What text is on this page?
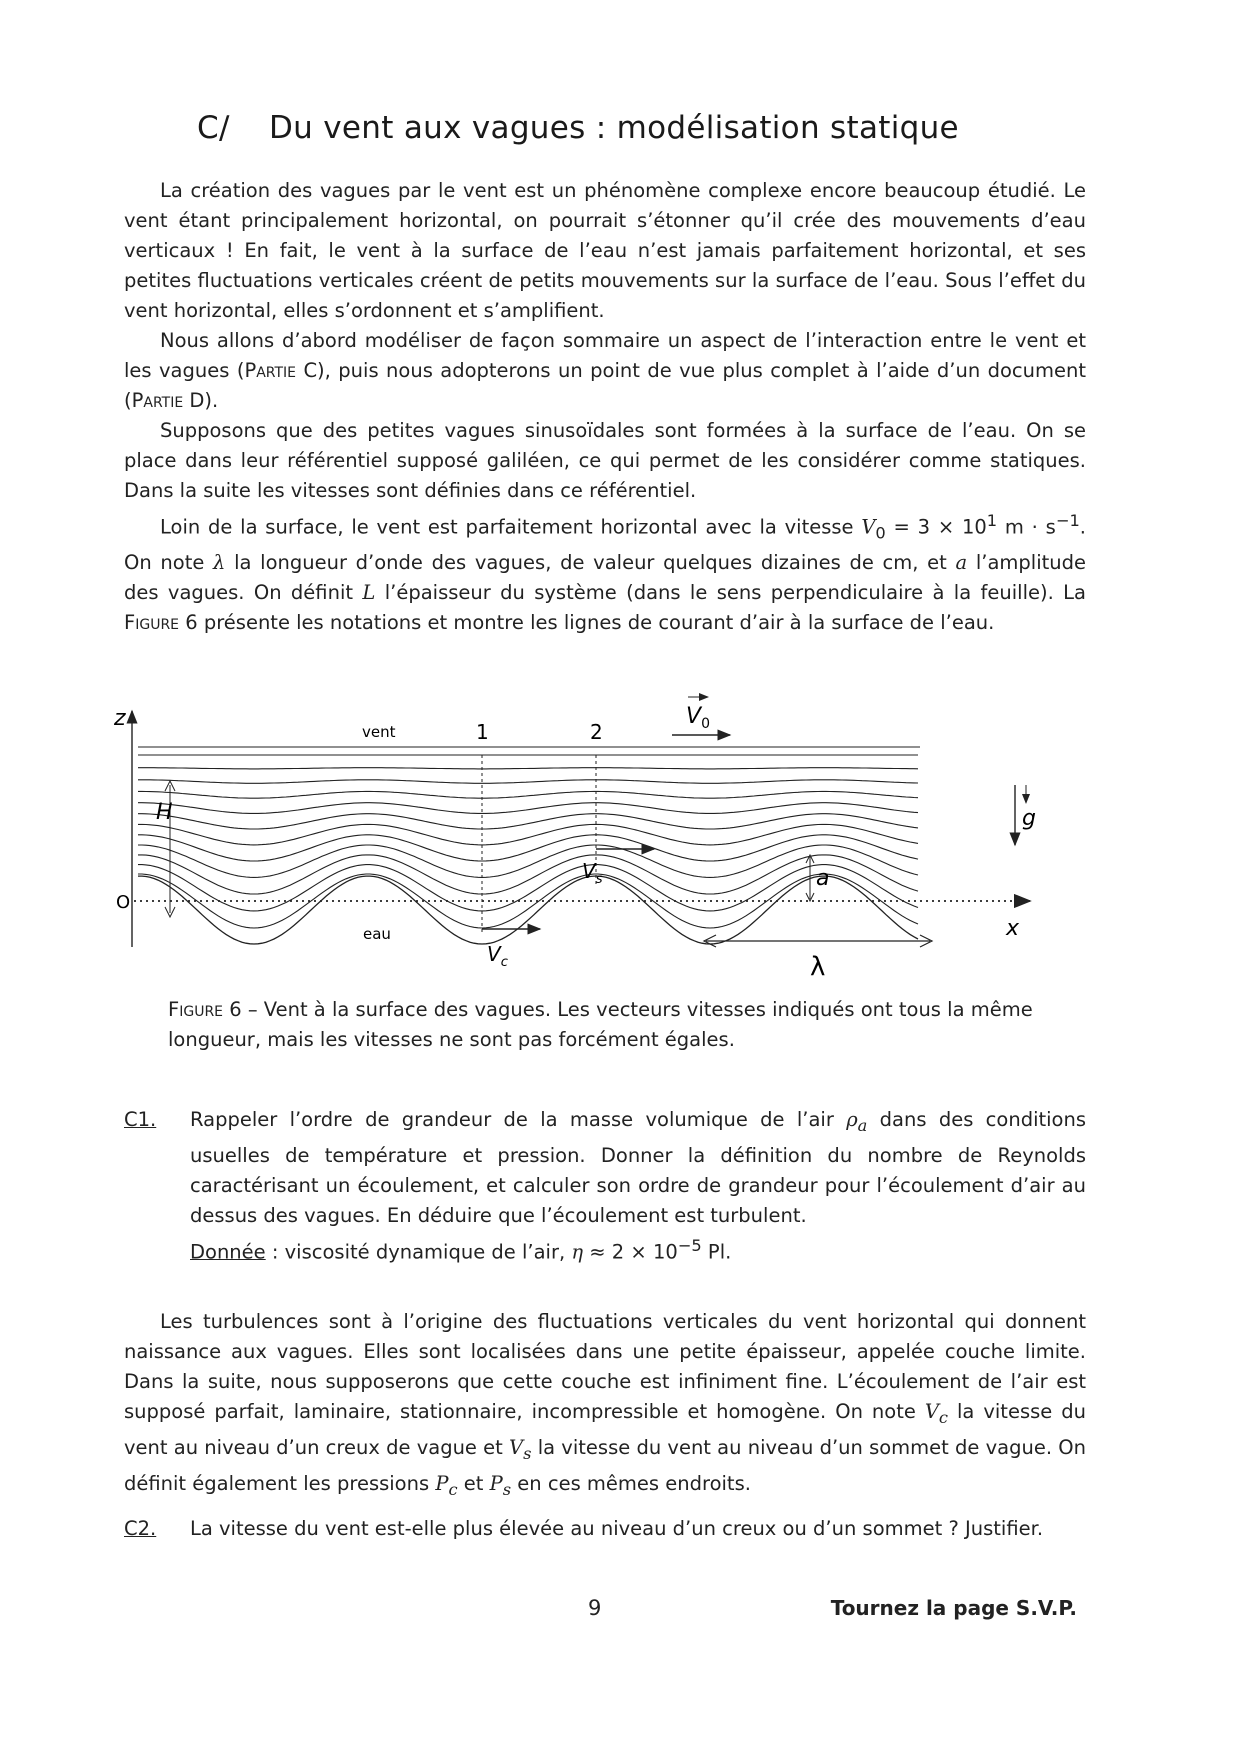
C/ Du vent aux vagues : modélisation statique

La création des vagues par le vent est un phénomène complexe encore beaucoup étudié. Le vent étant principalement horizontal, on pourrait s’étonner qu’il crée des mouvements d’eau verticaux ! En fait, le vent à la surface de l’eau n’est jamais parfaitement horizontal, et ses petites fluctuations verticales créent de petits mouvements sur la surface de l’eau. Sous l’effet du vent horizontal, elles s’ordonnent et s’amplifient.

Nous allons d’abord modéliser de façon sommaire un aspect de l’interaction entre le vent et les vagues (Partie C), puis nous adopterons un point de vue plus complet à l’aide d’un document (Partie D).

Supposons que des petites vagues sinusoïdales sont formées à la surface de l’eau. On se place dans leur référentiel supposé galiléen, ce qui permet de les considérer comme statiques. Dans la suite les vitesses sont définies dans ce référentiel.

Loin de la surface, le vent est parfaitement horizontal avec la vitesse $V_0 = 3 \times 10^1$ $m \cdot s^{-1}$. On note λ la longueur d’onde des vagues, de valeur quelques dizaines de cm, et a l’amplitude des vagues. On définit L l’épaisseur du système (dans le sens perpendiculaire à la feuille). La Figure 6 présente les notations et montre les lignes de courant d’air à la surface de l’eau.

z
H
O
x
vent	1	2
$V_0$
$V_s$
$V_c$
a
λ
eau
g

Figure 6 – Vent à la surface des vagues. Les vecteurs vitesses indiqués ont tous la même longueur, mais les vitesses ne sont pas forcément égales.

C1. Rappeler l’ordre de grandeur de la masse volumique de l’air $\rho_a$ dans des conditions usuelles de température et pression. Donner la définition du nombre de Reynolds caractérisant un écoulement, et calculer son ordre de grandeur pour l’écoulement d’air au dessus des vagues. En déduire que l’écoulement est turbulent.
Donnée : viscosité dynamique de l’air, $\eta \approx 2 \times 10^{-5}$ Pl.

Les turbulences sont à l’origine des fluctuations verticales du vent horizontal qui donnent naissance aux vagues. Elles sont localisées dans une petite épaisseur, appelée couche limite. Dans la suite, nous supposerons que cette couche est infiniment fine. L’écoulement de l’air est supposé parfait, laminaire, stationnaire, incompressible et homogène. On note $V_c$ la vitesse du vent au niveau d’un creux de vague et $V_s$ la vitesse du vent au niveau d’un sommet de vague. On définit également les pressions $P_c$ et $P_s$ en ces mêmes endroits.

C2. La vitesse du vent est-elle plus élevée au niveau d’un creux ou d’un sommet ? Justifier.
9	Tournez la page S.V.P.
